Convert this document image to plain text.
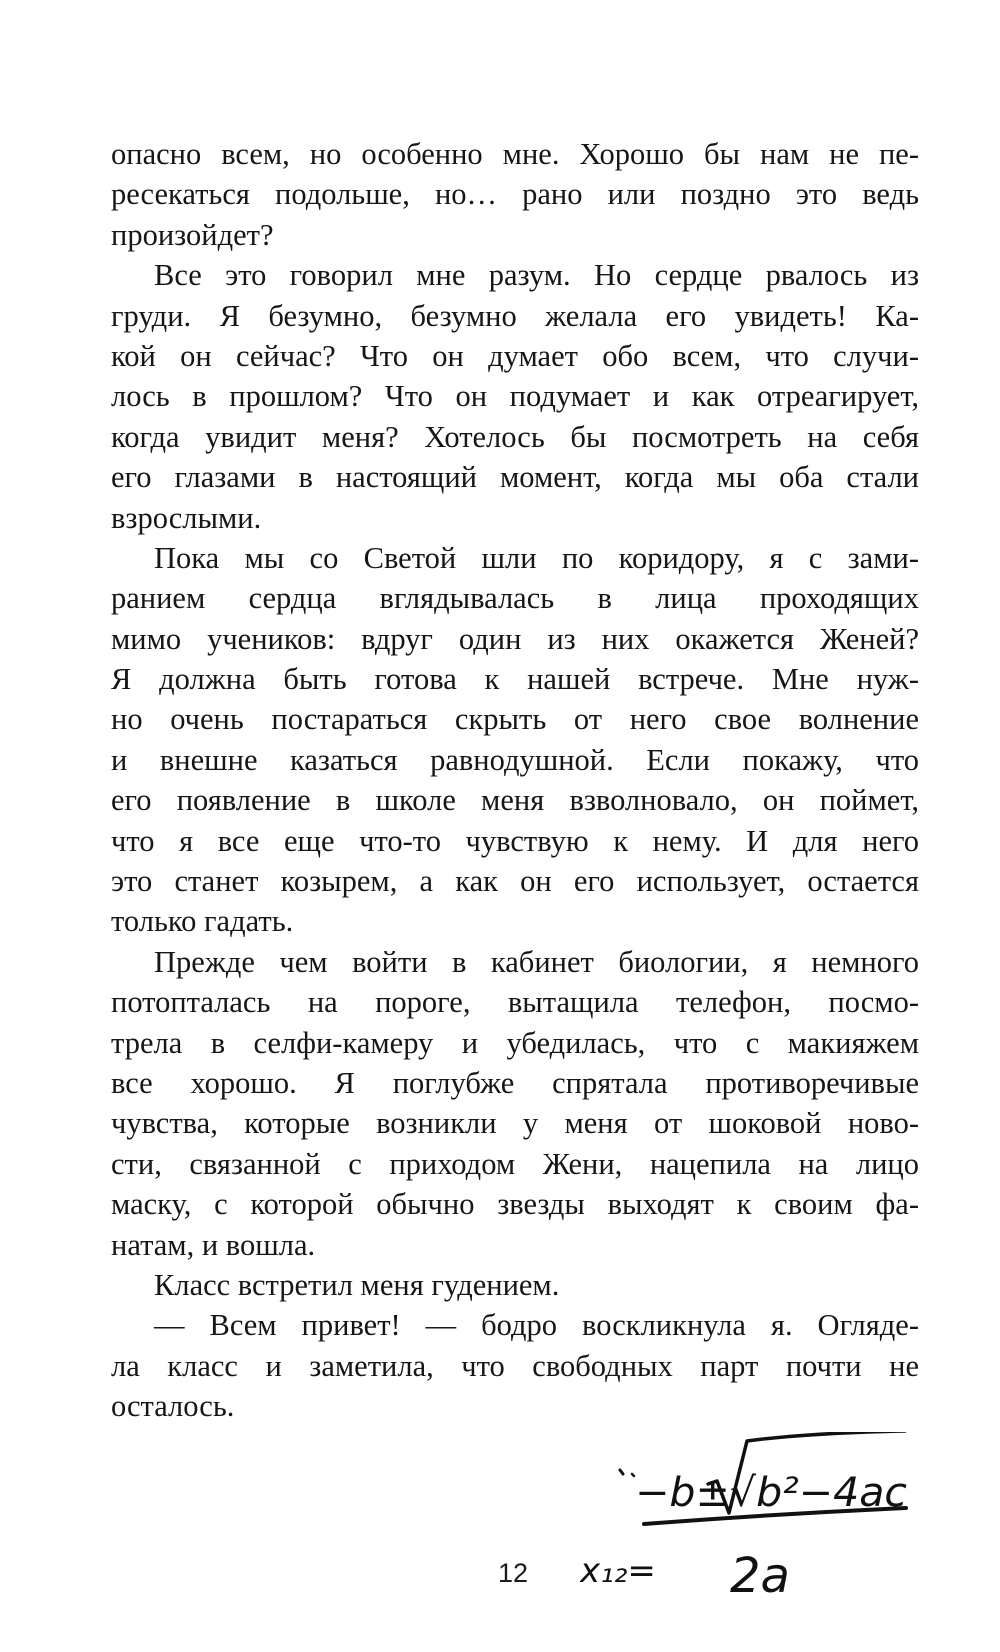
опасно всем, но особенно мне. Хорошо бы нам не пе-
ресекаться подольше, но… рано или поздно это ведь
произойдет?

Все это говорил мне разум. Но сердце рвалось из
груди. Я безумно, безумно желала его увидеть! Ка-
кой он сейчас? Что он думает обо всем, что случи-
лось в прошлом? Что он подумает и как отреагирует,
когда увидит меня? Хотелось бы посмотреть на себя
его глазами в настоящий момент, когда мы оба стали
взрослыми.

Пока мы со Светой шли по коридору, я с зами-
ранием сердца вглядывалась в лица проходящих
мимо учеников: вдруг один из них окажется Женей?
Я должна быть готова к нашей встрече. Мне нуж-
но очень постараться скрыть от него свое волнение
и внешне казаться равнодушной. Если покажу, что
его появление в школе меня взволновало, он поймет,
что я все еще что-то чувствую к нему. И для него
это станет козырем, а как он его использует, остается
только гадать.

Прежде чем войти в кабинет биологии, я немного
потопталась на пороге, вытащила телефон, посмо-
трела в селфи-камеру и убедилась, что с макияжем
все хорошо. Я поглубже спрятала противоречивые
чувства, которые возникли у меня от шоковой ново-
сти, связанной с приходом Жени, нацепила на лицо
маску, с которой обычно звезды выходят к своим фа-
натам, и вошла.

Класс встретил меня гудением.

— Всем привет! — бодро воскликнула я. Огляде-
ла класс и заметила, что свободных парт почти не
осталось.

−b±√b²−4ac
2a
x₁₂=
12
